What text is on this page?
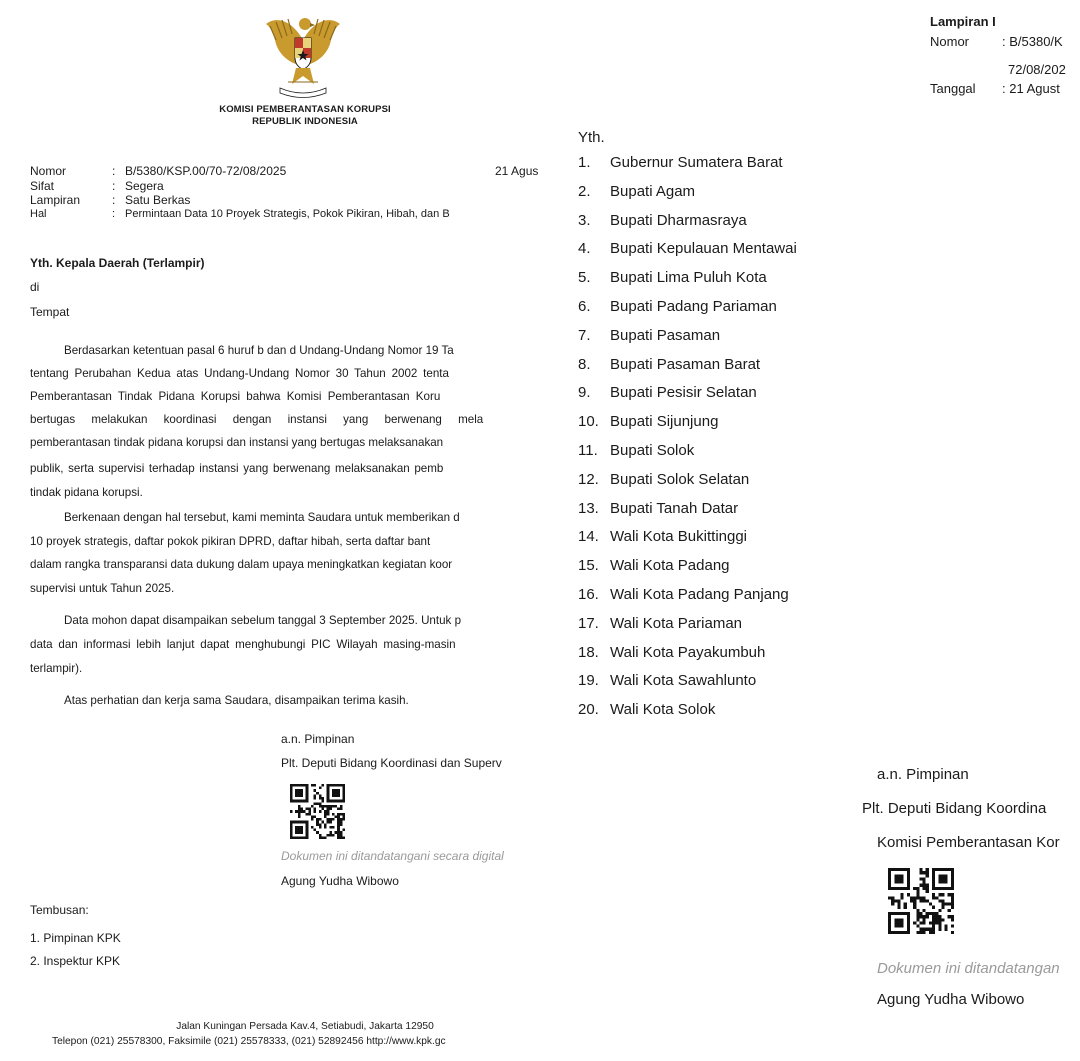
KOMISI PEMBERANTASAN KORUPSI
REPUBLIK INDONESIA
Nomor	: B/5380/KSP.00/70-72/08/2025	21 Agus
Sifat	: Segera
Lampiran	: Satu Berkas
Hal	: Permintaan Data 10 Proyek Strategis, Pokok Pikiran, Hibah, dan B
Yth. Kepala Daerah (Terlampir)
di
Tempat
Berdasarkan ketentuan pasal 6 huruf b dan d Undang-Undang Nomor 19 Ta
tentang Perubahan Kedua atas Undang-Undang Nomor 30 Tahun 2002 tenta
Pemberantasan Tindak Pidana Korupsi bahwa Komisi Pemberantasan Koru
bertugas melakukan koordinasi dengan instansi yang berwenang mela
pemberantasan tindak pidana korupsi dan instansi yang bertugas melaksanakan
publik, serta supervisi terhadap instansi yang berwenang melaksanakan pemb
tindak pidana korupsi.
Berkenaan dengan hal tersebut, kami meminta Saudara untuk memberikan d
10 proyek strategis, daftar pokok pikiran DPRD, daftar hibah, serta daftar bant
dalam rangka transparansi data dukung dalam upaya meningkatkan kegiatan koor
supervisi untuk Tahun 2025.
Data mohon dapat disampaikan sebelum tanggal 3 September 2025. Untuk p
data dan informasi lebih lanjut dapat menghubungi PIC Wilayah masing-masin
terlampir).
Atas perhatian dan kerja sama Saudara, disampaikan terima kasih.
a.n. Pimpinan
Plt. Deputi Bidang Koordinasi dan Superv
Dokumen ini ditandatangani secara digital
Agung Yudha Wibowo
Tembusan:
1. Pimpinan KPK
2. Inspektur KPK
Jalan Kuningan Persada Kav.4, Setiabudi, Jakarta 12950
Telepon (021) 25578300, Faksimile (021) 25578333, (021) 52892456 http://www.kpk.gc
Lampiran I
Nomor	: B/5380/K
72/08/202
Tanggal : 21 Agust
Yth.
1. Gubernur Sumatera Barat
2. Bupati Agam
3. Bupati Dharmasraya
4. Bupati Kepulauan Mentawai
5. Bupati Lima Puluh Kota
6. Bupati Padang Pariaman
7. Bupati Pasaman
8. Bupati Pasaman Barat
9. Bupati Pesisir Selatan
10. Bupati Sijunjung
11. Bupati Solok
12. Bupati Solok Selatan
13. Bupati Tanah Datar
14. Wali Kota Bukittinggi
15. Wali Kota Padang
16. Wali Kota Padang Panjang
17. Wali Kota Pariaman
18. Wali Kota Payakumbuh
19. Wali Kota Sawahlunto
20. Wali Kota Solok
a.n. Pimpinan
Plt. Deputi Bidang Koordina
Komisi Pemberantasan Kor
Dokumen ini ditandatangan
Agung Yudha Wibowo
